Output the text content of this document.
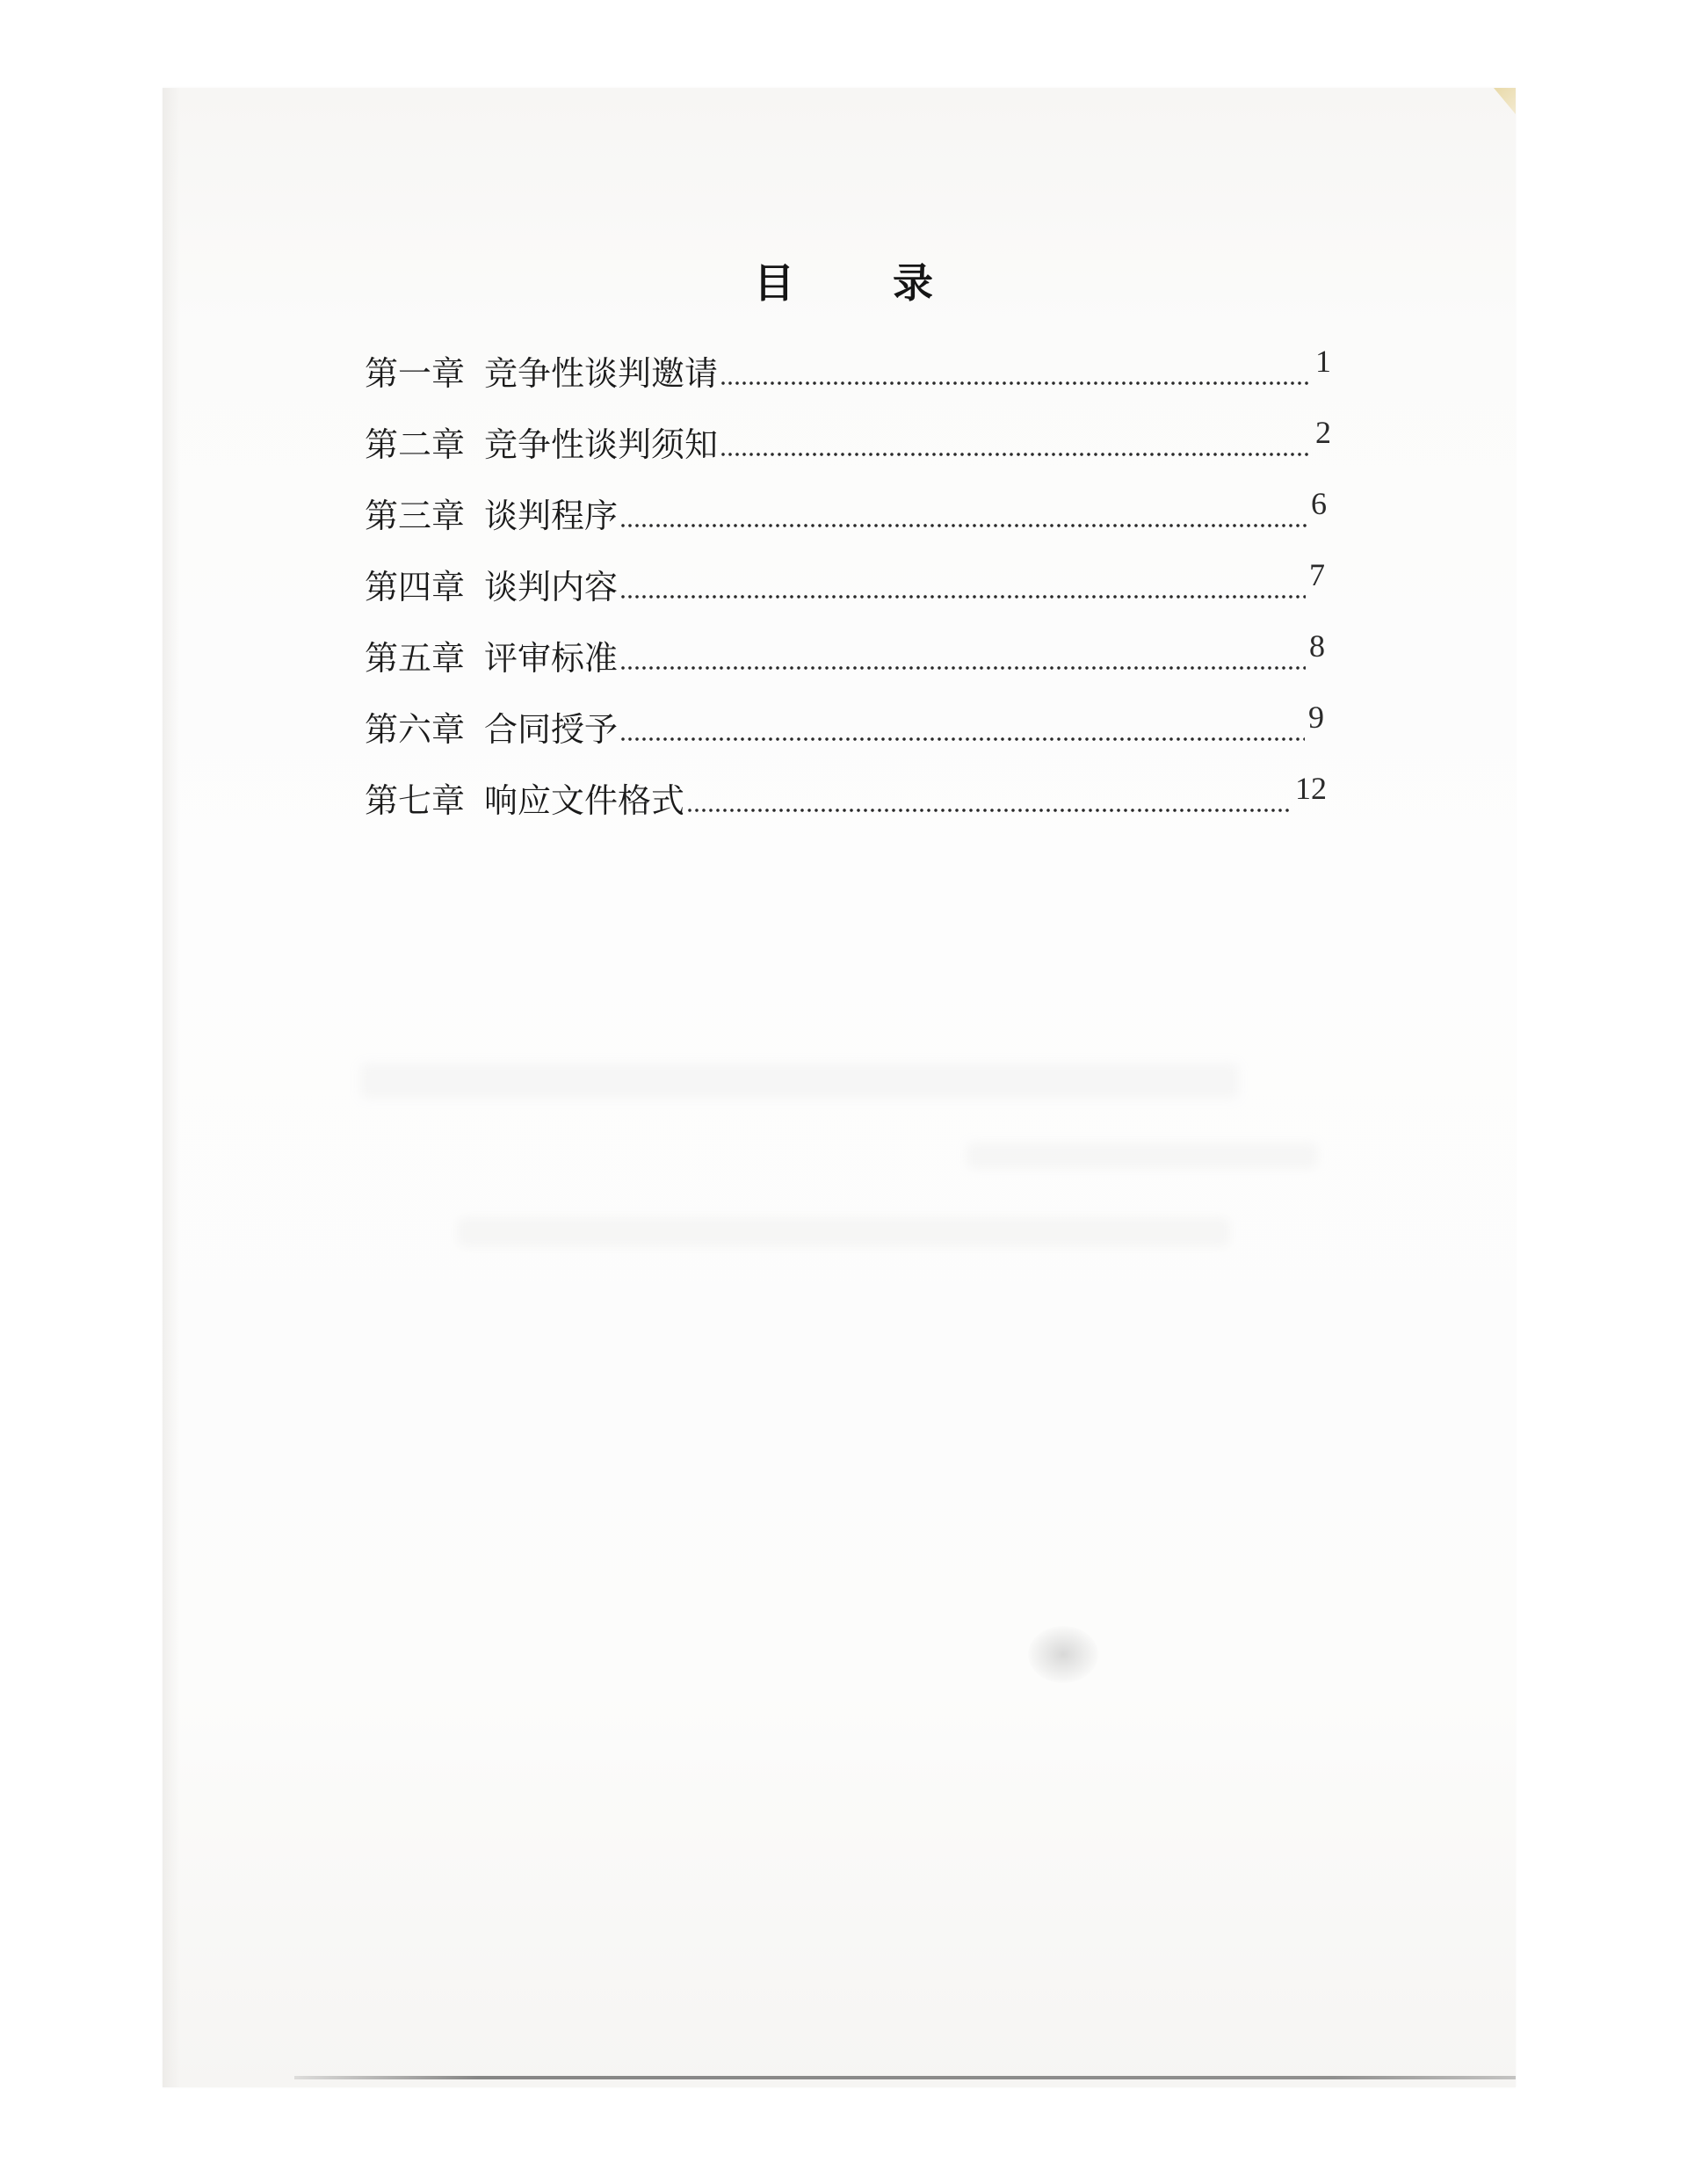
目 录
第一章 竞争性谈判邀请	1
第二章 竞争性谈判须知	2
第三章 谈判程序	6
第四章 谈判内容	7
第五章 评审标准	8
第六章 合同授予	9
第七章 响应文件格式	12
